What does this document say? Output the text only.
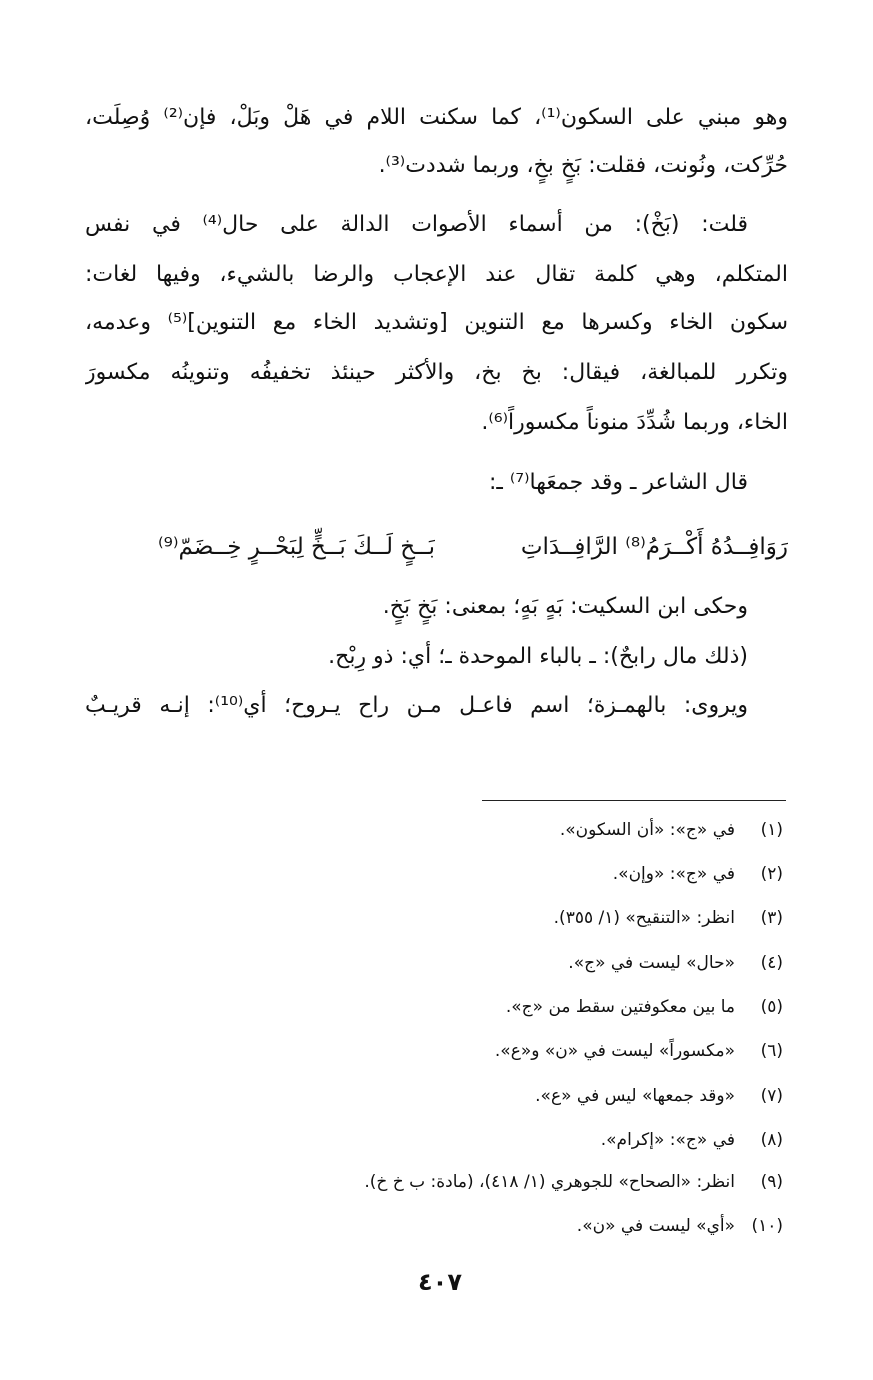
وهو مبني على السكون⁽¹⁾، كما سكنت اللام في هَلْ وبَلْ، فإن⁽²⁾ وُصِلَت،
حُرِّكت، ونُونت، فقلت: بَخٍ بخٍ، وربما شددت⁽³⁾.
قلت: (بَخْ): من أسماء الأصوات الدالة على حال⁽⁴⁾ في نفس
المتكلم، وهي كلمة تقال عند الإعجاب والرضا بالشيء، وفيها لغات:
سكون الخاء وكسرها مع التنوين [وتشديد الخاء مع التنوين]⁽⁵⁾ وعدمه،
وتكرر للمبالغة، فيقال: بخ بخ، والأكثر حينئذ تخفيفُه وتنوينُه مكسورَ
الخاء، وربما شُدِّدَ منوناً مكسوراً⁽⁶⁾.
قال الشاعر ـ وقد جمعَها⁽⁷⁾ ـ:
رَوَافِــدُهُ أَكْــرَمُ⁽⁸⁾ الرَّافِــدَاتِ
بَــخٍ لَــكَ بَــخٍّ لِبَحْــرٍ خِــضَمّ⁽⁹⁾
وحكى ابن السكيت: بَهٍ بَهٍ؛ بمعنى: بَخٍ بَخٍ.
(ذلك مال رابحٌ): ـ بالباء الموحدة ـ؛ أي: ذو رِبْح.
ويروى: بالهمـزة؛ اسم فاعـل مـن راح يـروح؛ أي⁽¹⁰⁾: إنـه قريـبٌ
(١)في «ج»: «أن السكون».
(٢)في «ج»: «وإن».
(٣)انظر: «التنقيح» (١/ ٣٥٥).
(٤)«حال» ليست في «ج».
(٥)ما بين معكوفتين سقط من «ج».
(٦)«مكسوراً» ليست في «ن» و«ع».
(٧)«وقد جمعها» ليس في «ع».
(٨)في «ج»: «إكرام».
(٩)انظر: «الصحاح» للجوهري (١/ ٤١٨)، (مادة: ب خ خ).
(١٠)«أي» ليست في «ن».
٤٠٧
